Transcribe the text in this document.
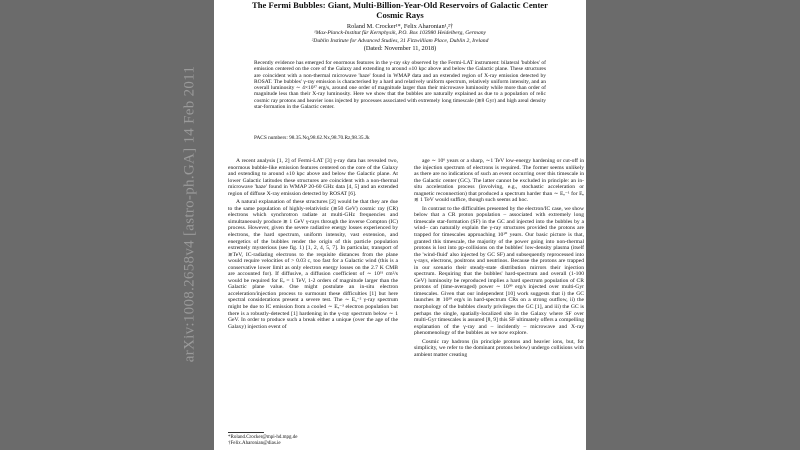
arXiv:1008.2658v4 [astro-ph.GA] 14 Feb 2011
The Fermi Bubbles: Giant, Multi-Billion-Year-Old Reservoirs of Galactic Center
Cosmic Rays
Roland M. Crocker¹*, Felix Aharonian¹,²†
¹Max-Planck-Institut für Kernphysik, P.O. Box 103980 Heidelberg, Germany
²Dublin Institute for Advanced Studies, 31 Fitzwilliam Place, Dublin 2, Ireland
(Dated: November 11, 2018)
Recently evidence has emerged for enormous features in the γ-ray sky observed by the Fermi-LAT instrument: bilateral 'bubbles' of emission centered on the core of the Galaxy and extending to around ±10 kpc above and below the Galactic plane. These structures are coincident with a non-thermal microwave 'haze' found in WMAP data and an extended region of X-ray emission detected by ROSAT. The bubbles' γ-ray emission is characterised by a hard and relatively uniform spectrum, relatively uniform intensity, and an overall luminosity ∼ 4×10³⁷ erg/s, around one order of magnitude larger than their microwave luminosity while more than order of magnitude less than their X-ray luminosity. Here we show that the bubbles are naturally explained as due to a population of relic cosmic ray protons and heavier ions injected by processes associated with extremely long timescale (≳8 Gyr) and high areal density star-formation in the Galactic center.
PACS numbers: 98.35.Nq,98.62.Nx,98.70.Rz,98.35.Jk

A recent analysis [1, 2] of Fermi-LAT [3] γ-ray data has revealed two, enormous bubble-like emission features centered on the core of the Galaxy and extending to around ±10 kpc above and below the Galactic plane. At lower Galactic latitudes these structures are coincident with a non-thermal microwave 'haze' found in WMAP 20-60 GHz data [4, 5] and an extended region of diffuse X-ray emission detected by ROSAT [6].

A natural explanation of these structures [2] would be that they are due to the same population of highly-relativistic (≳50 GeV) cosmic ray (CR) electrons which synchrotron radiate at multi-GHz frequencies and simultaneously produce ≳ 1 GeV γ-rays through the inverse Compton (IC) process. However, given the severe radiative energy losses experienced by electrons, the hard spectrum, uniform intensity, vast extension, and energetics of the bubbles render the origin of this particle population extremely mysterious (see fig. 1) [1, 2, 4, 5, 7]. In particular, transport of ≳TeV, IC-radiating electrons to the requisite distances from the plane would require velocities of > 0.03 c, too fast for a Galactic wind (this is a conservative lower limit as only electron energy losses on the 2.7 K CMB are accounted for). If diffusive, a diffusion coefficient of ∼ 10³¹ cm²/s would be required for Eₑ = 1 TeV, 1-2 orders of magnitude larger than the Galactic plane value. One might postulate an in-situ electron acceleration/injection process to surmount these difficulties [1] but here spectral considerations present a severe test. The ∼ Eᵧ⁻² γ-ray spectrum might be due to IC emission from a cooled ∼ Eₑ⁻³ electron population but there is a robustly-detected [1] hardening in the γ-ray spectrum below ∼ 1 GeV. In order to produce such a break either a unique (over the age of the Galaxy) injection event of

age ∼ 10⁶ years or a sharp, ∼1 TeV low-energy hardening or cut-off in the injection spectrum of electrons is required. The former seems unlikely as there are no indications of such an event occurring over this timescale in the Galactic center (GC). The latter cannot be excluded in principle: an in-situ acceleration process (involving, e.g., stochastic acceleration or magnetic reconnection) that produced a spectrum harder than ∼ Eₑ⁻¹ for Eₑ ≲ 1 TeV would suffice, though such seems ad hoc.

In contrast to the difficulties presented by the electron/IC case, we show below that a CR proton population – associated with extremely long timescale star-formation (SF) in the GC and injected into the bubbles by a wind– can naturally explain the γ-ray structures provided the protons are trapped for timescales approaching 10¹⁰ years. Our basic picture is that, granted this timescale, the majority of the power going into non-thermal protons is lost into pp-collisions on the bubbles' low-density plasma (itself the 'wind-fluid' also injected by GC SF) and subsequently reprocessed into γ-rays, electrons, positrons and neutrinos. Because the protons are trapped in our scenario their steady-state distribution mirrors their injection spectrum. Requiring that the bubbles' hard-spectrum and overall (1-100 GeV) luminosity be reproduced implies a hard spectrum population of CR protons of (time-averaged) power ∼ 10³⁹ erg/s injected over multi-Gyr timescales. Given that our independent [10] work suggests that i) the GC launches ≳ 10³⁹ erg/s in hard-spectrum CRs on a strong outflow, ii) the morphology of the bubbles clearly privileges the GC [1], and iii) the GC is perhaps the single, spatially-localized site in the Galaxy where SF over multi-Gyr timescales is assured [8, 9] this SF ultimately offers a compelling explanation of the γ-ray and – incidently – microwave and X-ray phenomenology of the bubbles as we now explore.

Cosmic ray hadrons (in principle protons and heavier ions, but, for simplicity, we refer to the dominant protons below) undergo collisions with ambient matter creating

*Roland.Crocker@mpi-hd.mpg.de
†Felix.Aharonian@dias.ie
